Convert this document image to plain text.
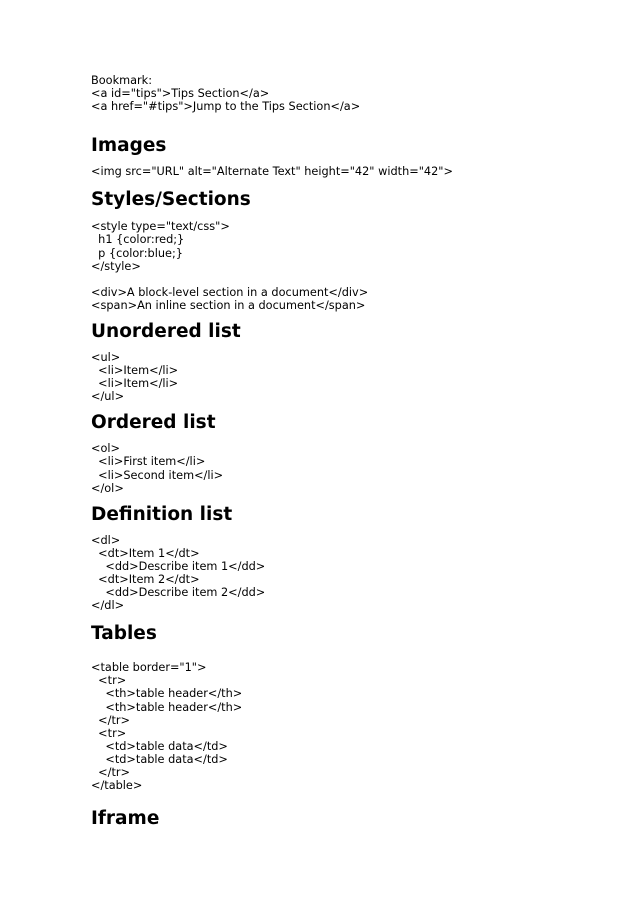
Bookmark:

<a id="tips">Tips Section</a>

<a href="#tips">Jump to the Tips Section</a>

Images

<img src="URL" alt="Alternate Text" height="42" width="42">

Styles/Sections

<style type="text/css">

h1 {color:red;}

p {color:blue;}

</style>

<div>A block-level section in a document</div>

<span>An inline section in a document</span>

Unordered list

<ul>

<li>Item</li>

<li>Item</li>

</ul>

Ordered list

<ol>

<li>First item</li>

<li>Second item</li>

</ol>

Definition list

<dl>

<dt>Item 1</dt>

<dd>Describe item 1</dd>

<dt>Item 2</dt>

<dd>Describe item 2</dd>

</dl>

Tables

<table border="1">

<tr>

<th>table header</th>

<th>table header</th>

</tr>

<tr>

<td>table data</td>

<td>table data</td>

</tr>

</table>

Iframe
